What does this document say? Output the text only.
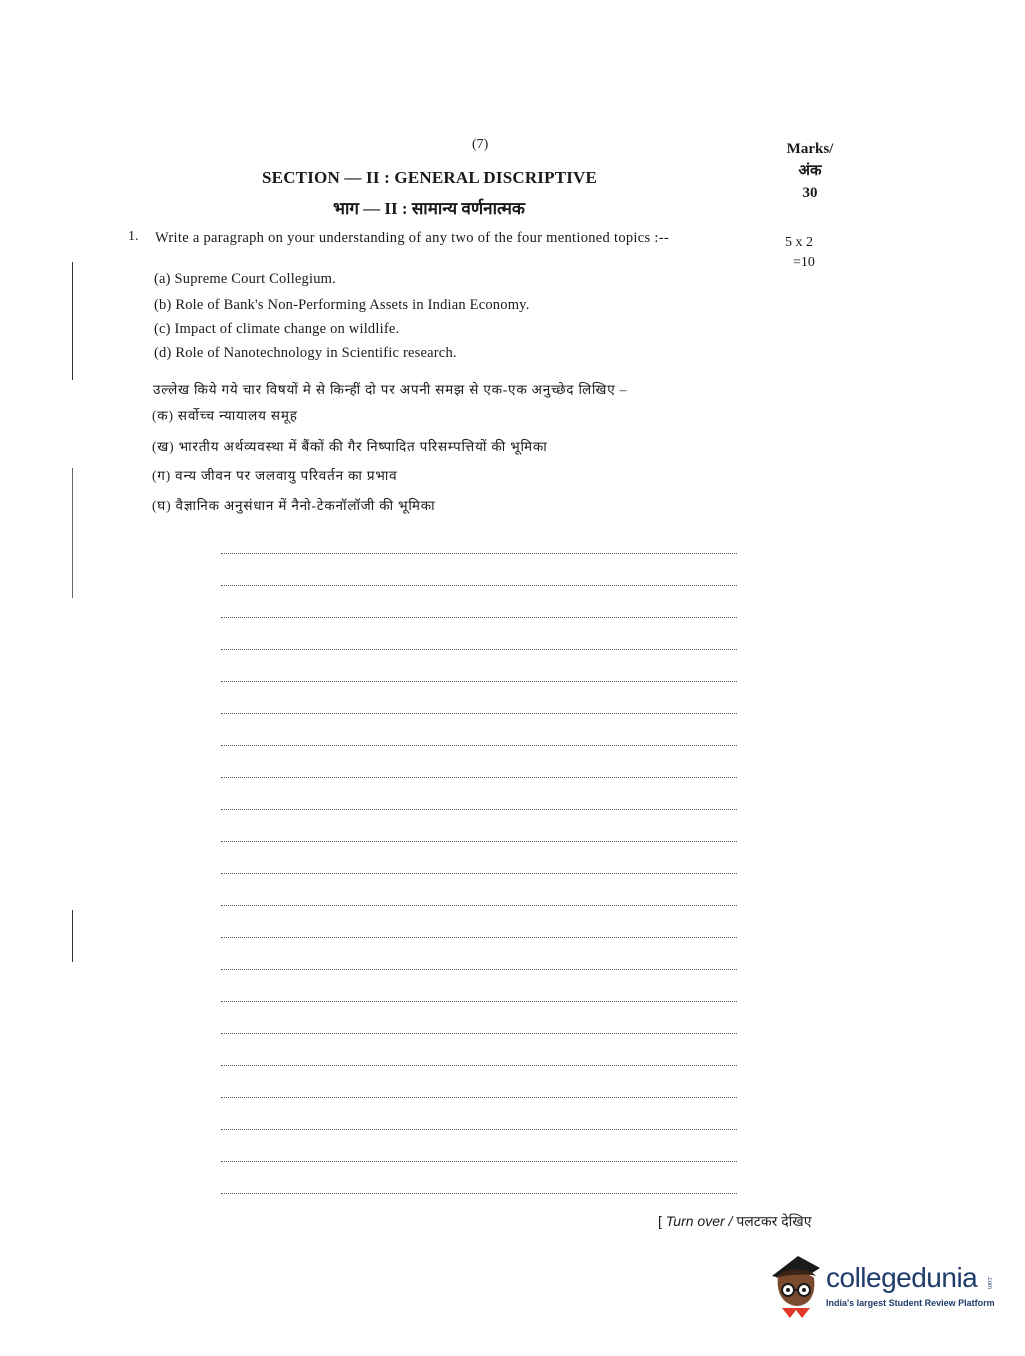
(7)	Marks/
अंक
30
SECTION — II : GENERAL DISCRIPTIVE
भाग — II : सामान्य वर्णनात्मक
1. Write a paragraph on your understanding of any two of the four mentioned topics :--	5 x 2
=10
(a) Supreme Court Collegium.
(b) Role of Bank's Non-Performing Assets in Indian Economy.
(c) Impact of climate change on wildlife.
(d) Role of Nanotechnology in Scientific research.
उल्लेख किये गये चार विषयों मे से किन्हीं दो पर अपनी समझ से एक-एक अनुच्छेद लिखिए –
(क) सर्वोच्च न्यायालय समूह
(ख) भारतीय अर्थव्यवस्था में बैंकों की गैर निष्पादित परिसम्पत्तियों की भूमिका
(ग) वन्य जीवन पर जलवायु परिवर्तन का प्रभाव
(घ) वैज्ञानिक अनुसंधान में नैनो-टेकनॉलॉजी की भूमिका
[ Turn over / पलटकर देखिए
collegedunia .com
India's largest Student Review Platform
